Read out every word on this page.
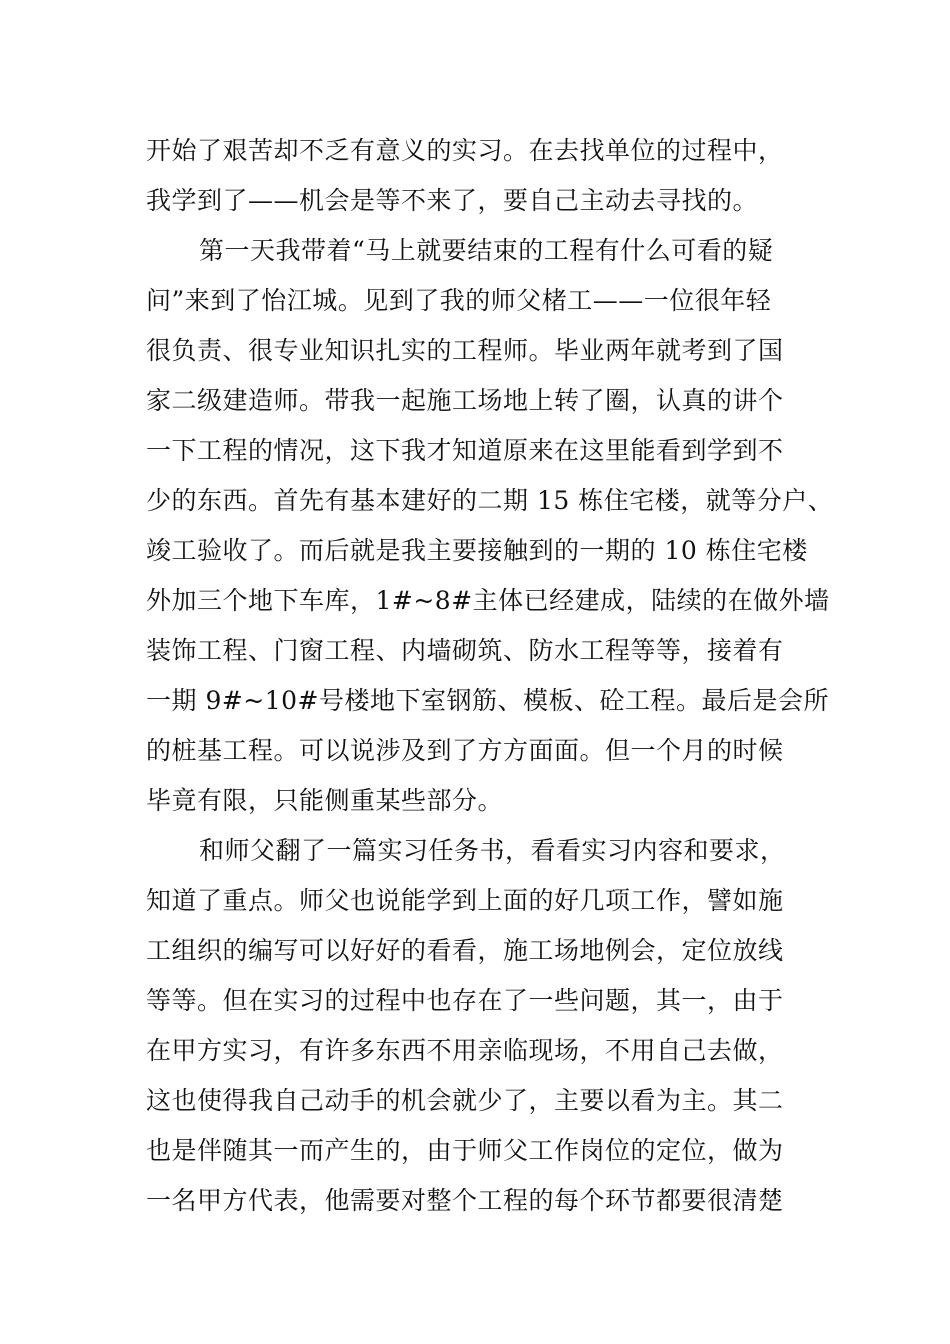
开始了艰苦却不乏有意义的实习。在去找单位的过程中，
我学到了——机会是等不来了，要自己主动去寻找的。
第一天我带着“马上就要结束的工程有什么可看的疑
问”来到了怡江城。见到了我的师父楮工——一位很年轻
很负责、很专业知识扎实的工程师。毕业两年就考到了国
家二级建造师。带我一起施工场地上转了圈，认真的讲个
一下工程的情况，这下我才知道原来在这里能看到学到不
少的东西。首先有基本建好的二期 15 栋住宅楼，就等分户、
竣工验收了。而后就是我主要接触到的一期的 10 栋住宅楼
外加三个地下车库，1#~8#主体已经建成，陆续的在做外墙
装饰工程、门窗工程、内墙砌筑、防水工程等等，接着有
一期 9#~10#号楼地下室钢筋、模板、砼工程。最后是会所
的桩基工程。可以说涉及到了方方面面。但一个月的时候
毕竟有限，只能侧重某些部分。
和师父翻了一篇实习任务书，看看实习内容和要求，
知道了重点。师父也说能学到上面的好几项工作，譬如施
工组织的编写可以好好的看看，施工场地例会，定位放线
等等。但在实习的过程中也存在了一些问题，其一，由于
在甲方实习，有许多东西不用亲临现场，不用自己去做，
这也使得我自己动手的机会就少了，主要以看为主。其二
也是伴随其一而产生的，由于师父工作岗位的定位，做为
一名甲方代表，他需要对整个工程的每个环节都要很清楚
